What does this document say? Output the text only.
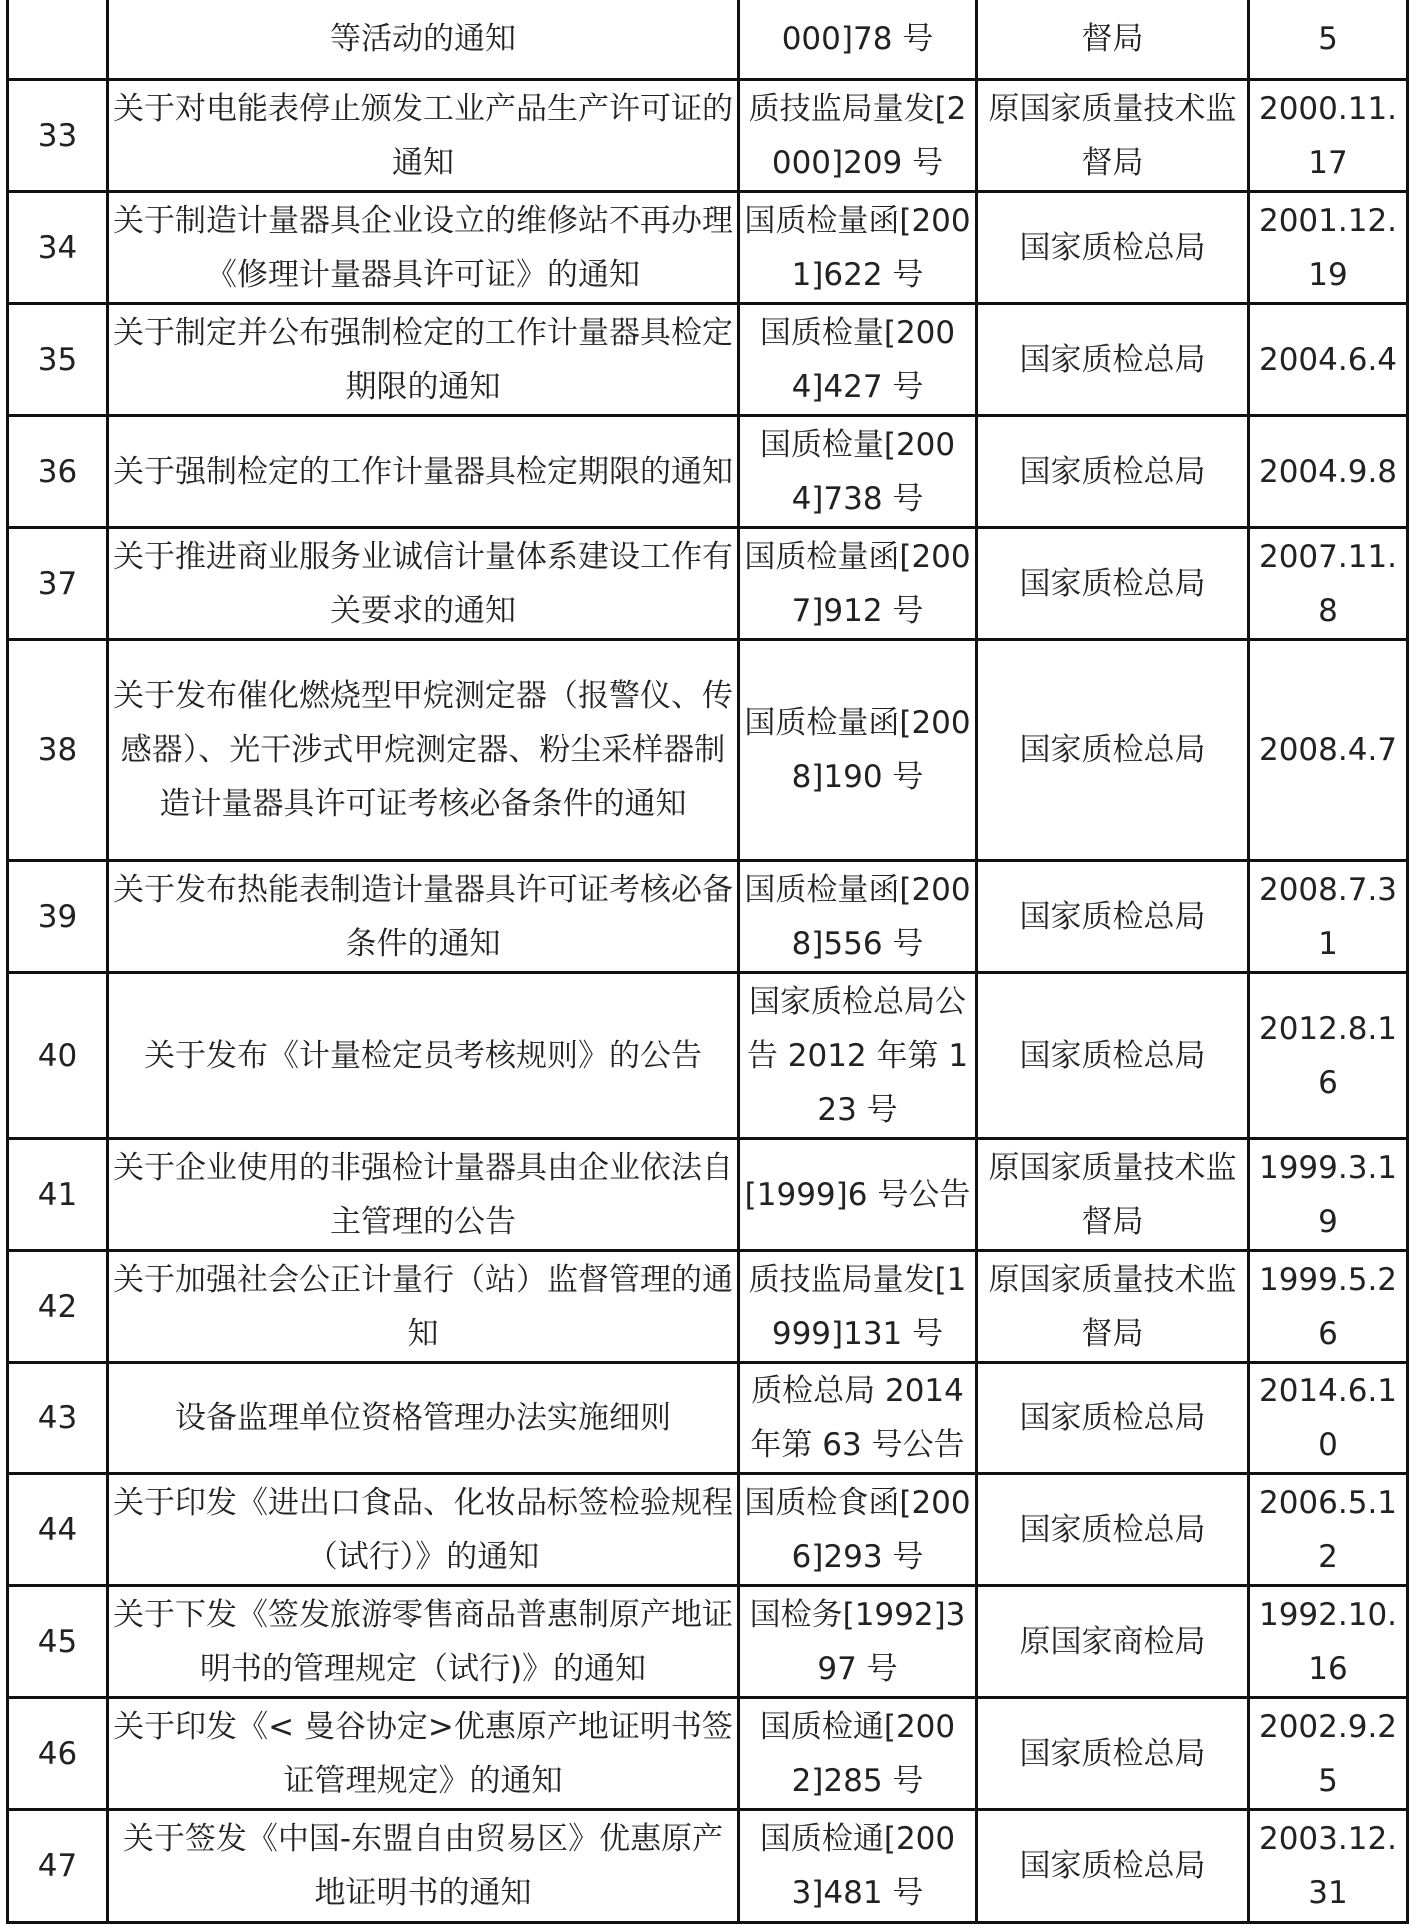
	等活动的通知	000]78 号	督局	5
33	关于对电能表停止颁发工业产品生产许可证的通知	质技监局量发[2000]209 号	原国家质量技术监督局	2000.11.17
34	关于制造计量器具企业设立的维修站不再办理《修理计量器具许可证》的通知	国质检量函[2001]622 号	国家质检总局	2001.12.19
35	关于制定并公布强制检定的工作计量器具检定期限的通知	国质检量[2004]427 号	国家质检总局	2004.6.4
36	关于强制检定的工作计量器具检定期限的通知	国质检量[2004]738 号	国家质检总局	2004.9.8
37	关于推进商业服务业诚信计量体系建设工作有关要求的通知	国质检量函[2007]912 号	国家质检总局	2007.11.8
38	关于发布催化燃烧型甲烷测定器（报警仪、传感器）、光干涉式甲烷测定器、粉尘采样器制造计量器具许可证考核必备条件的通知	国质检量函[2008]190 号	国家质检总局	2008.4.7
39	关于发布热能表制造计量器具许可证考核必备条件的通知	国质检量函[2008]556 号	国家质检总局	2008.7.31
40	关于发布《计量检定员考核规则》的公告	国家质检总局公告 2012 年第 123 号	国家质检总局	2012.8.16
41	关于企业使用的非强检计量器具由企业依法自主管理的公告	[1999]6 号公告	原国家质量技术监督局	1999.3.19
42	关于加强社会公正计量行（站）监督管理的通知	质技监局量发[1999]131 号	原国家质量技术监督局	1999.5.26
43	设备监理单位资格管理办法实施细则	质检总局 2014 年第 63 号公告	国家质检总局	2014.6.10
44	关于印发《进出口食品、化妆品标签检验规程（试行）》的通知	国质检食函[2006]293 号	国家质检总局	2006.5.12
45	关于下发《签发旅游零售商品普惠制原产地证明书的管理规定（试行)》的通知	国检务[1992]397 号	原国家商检局	1992.10.16
46	关于印发《< 曼谷协定>优惠原产地证明书签证管理规定》的通知	国质检通[2002]285 号	国家质检总局	2002.9.25
47	关于签发《中国-东盟自由贸易区》优惠原产地证明书的通知	国质检通[2003]481 号	国家质检总局	2003.12.31
